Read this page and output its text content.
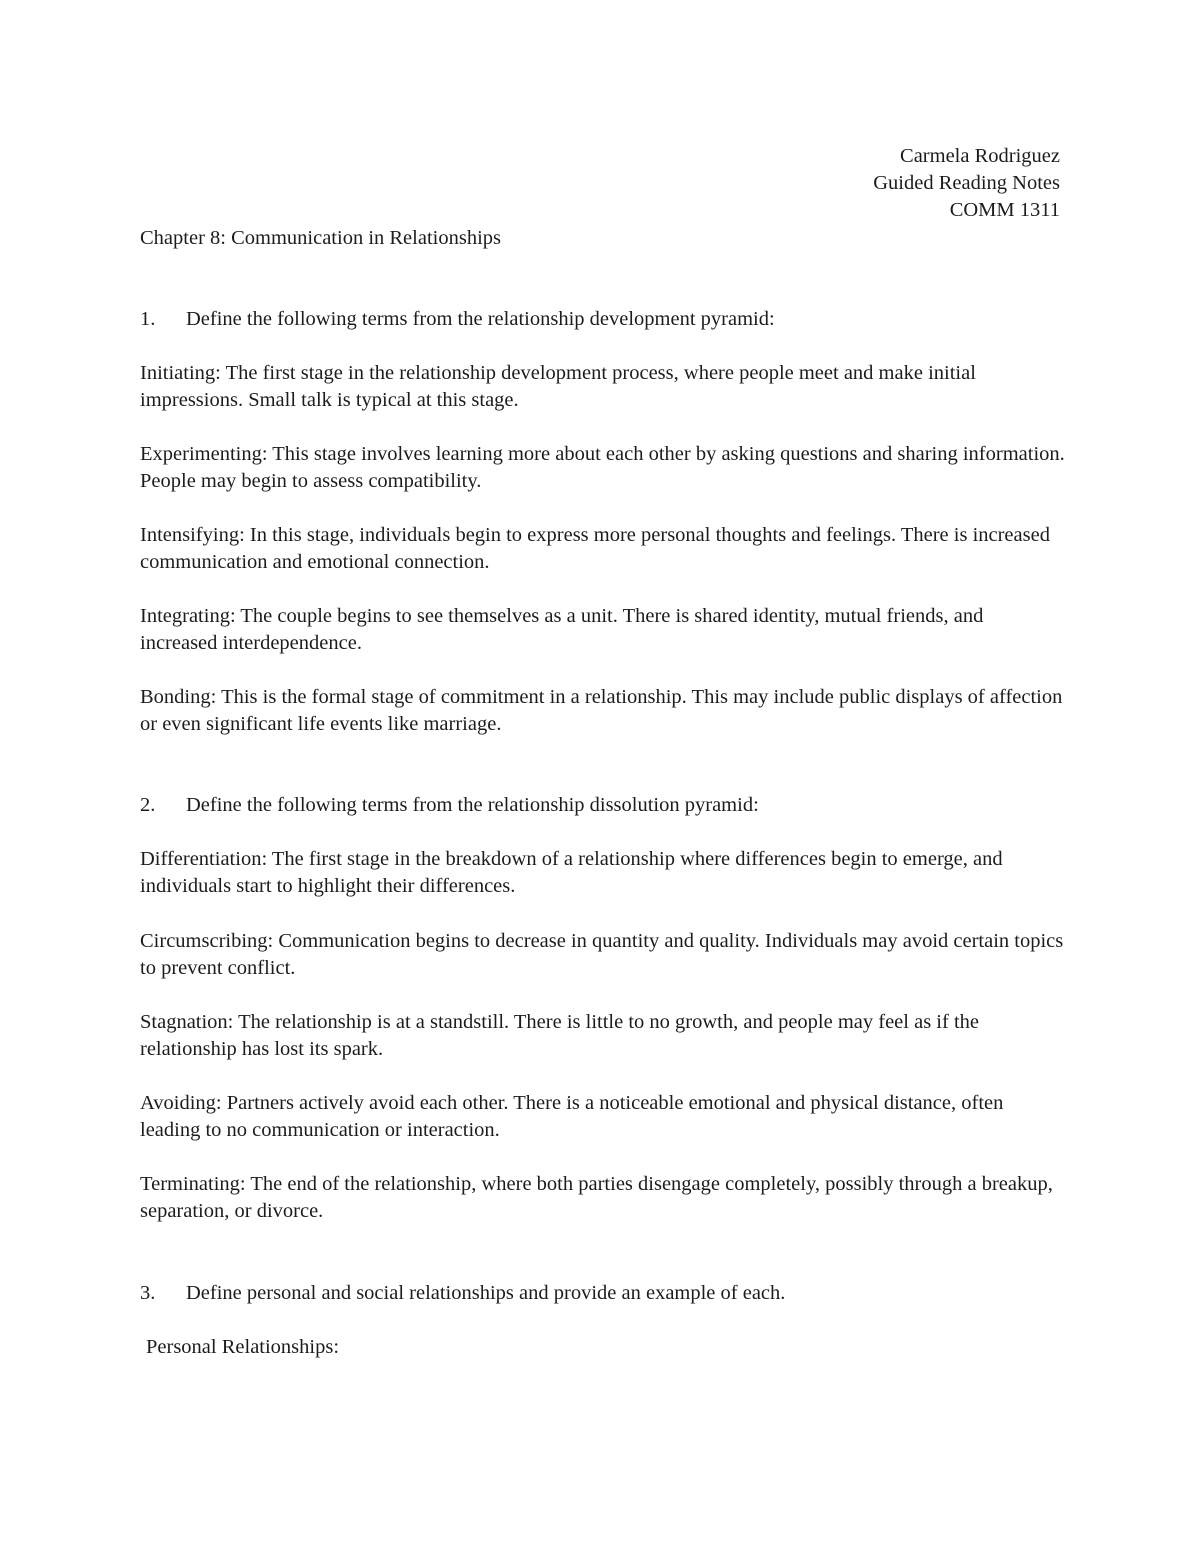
Carmela Rodriguez
Guided Reading Notes
COMM 1311
Chapter 8: Communication in Relationships
1.	Define the following terms from the relationship development pyramid:

Initiating: The first stage in the relationship development process, where people meet and make initial impressions. Small talk is typical at this stage.

Experimenting: This stage involves learning more about each other by asking questions and sharing information. People may begin to assess compatibility.

Intensifying: In this stage, individuals begin to express more personal thoughts and feelings. There is increased communication and emotional connection.

Integrating: The couple begins to see themselves as a unit. There is shared identity, mutual friends, and increased interdependence.

Bonding: This is the formal stage of commitment in a relationship. This may include public displays of affection or even significant life events like marriage.

2.	Define the following terms from the relationship dissolution pyramid:

Differentiation: The first stage in the breakdown of a relationship where differences begin to emerge, and individuals start to highlight their differences.

Circumscribing: Communication begins to decrease in quantity and quality. Individuals may avoid certain topics to prevent conflict.

Stagnation: The relationship is at a standstill. There is little to no growth, and people may feel as if the relationship has lost its spark.

Avoiding: Partners actively avoid each other. There is a noticeable emotional and physical distance, often leading to no communication or interaction.

Terminating: The end of the relationship, where both parties disengage completely, possibly through a breakup, separation, or divorce.

3.	Define personal and social relationships and provide an example of each.
Personal Relationships:
